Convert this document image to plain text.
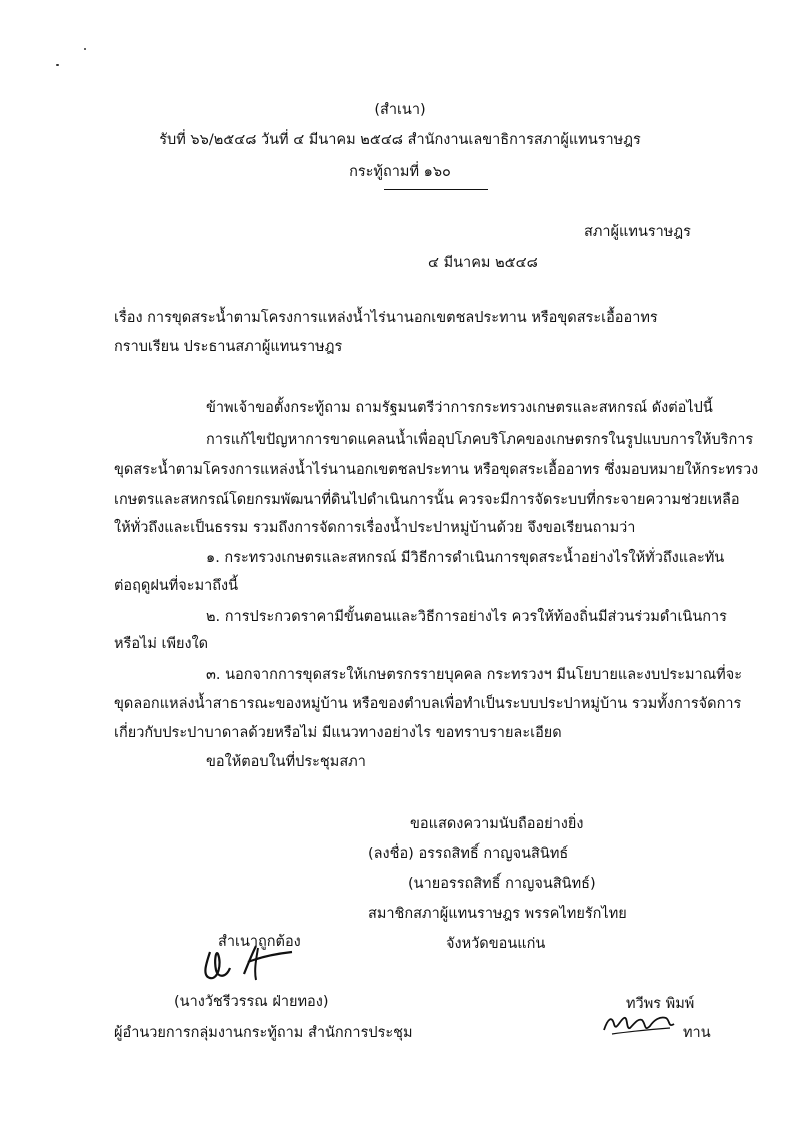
(สำเนา)
รับที่ ๖๖/๒๕๔๘ วันที่ ๔ มีนาคม ๒๕๔๘ สำนักงานเลขาธิการสภาผู้แทนราษฎร
กระทู้ถามที่ ๑๖๐
สภาผู้แทนราษฎร
๔ มีนาคม ๒๕๔๘
เรื่อง การขุดสระน้ำตามโครงการแหล่งน้ำไร่นานอกเขตชลประทาน หรือขุดสระเอื้ออาทร
กราบเรียน ประธานสภาผู้แทนราษฎร
ข้าพเจ้าขอตั้งกระทู้ถาม ถามรัฐมนตรีว่าการกระทรวงเกษตรและสหกรณ์ ดังต่อไปนี้
การแก้ไขปัญหาการขาดแคลนน้ำเพื่ออุปโภคบริโภคของเกษตรกรในรูปแบบการให้บริการ
ขุดสระน้ำตามโครงการแหล่งน้ำไร่นานอกเขตชลประทาน หรือขุดสระเอื้ออาทร ซึ่งมอบหมายให้กระทรวง
เกษตรและสหกรณ์โดยกรมพัฒนาที่ดินไปดำเนินการนั้น ควรจะมีการจัดระบบที่กระจายความช่วยเหลือ
ให้ทั่วถึงและเป็นธรรม รวมถึงการจัดการเรื่องน้ำประปาหมู่บ้านด้วย จึงขอเรียนถามว่า
๑. กระทรวงเกษตรและสหกรณ์ มีวิธีการดำเนินการขุดสระน้ำอย่างไรให้ทั่วถึงและทัน
ต่อฤดูฝนที่จะมาถึงนี้
๒. การประกวดราคามีขั้นตอนและวิธีการอย่างไร ควรให้ท้องถิ่นมีส่วนร่วมดำเนินการ
หรือไม่ เพียงใด
๓. นอกจากการขุดสระให้เกษตรกรรายบุคคล กระทรวงฯ มีนโยบายและงบประมาณที่จะ
ขุดลอกแหล่งน้ำสาธารณะของหมู่บ้าน หรือของตำบลเพื่อทำเป็นระบบประปาหมู่บ้าน รวมทั้งการจัดการ
เกี่ยวกับประปาบาดาลด้วยหรือไม่ มีแนวทางอย่างไร ขอทราบรายละเอียด
ขอให้ตอบในที่ประชุมสภา
ขอแสดงความนับถืออย่างยิ่ง
(ลงชื่อ) อรรถสิทธิ์ กาญจนสินิทธ์
(นายอรรถสิทธิ์ กาญจนสินิทธ์)
สมาชิกสภาผู้แทนราษฎร พรรคไทยรักไทย
จังหวัดขอนแก่น
สำเนาถูกต้อง
(นางวัชรีวรรณ ฝ่ายทอง)
ผู้อำนวยการกลุ่มงานกระทู้ถาม สำนักการประชุม
ทวีพร พิมพ์
ทาน
